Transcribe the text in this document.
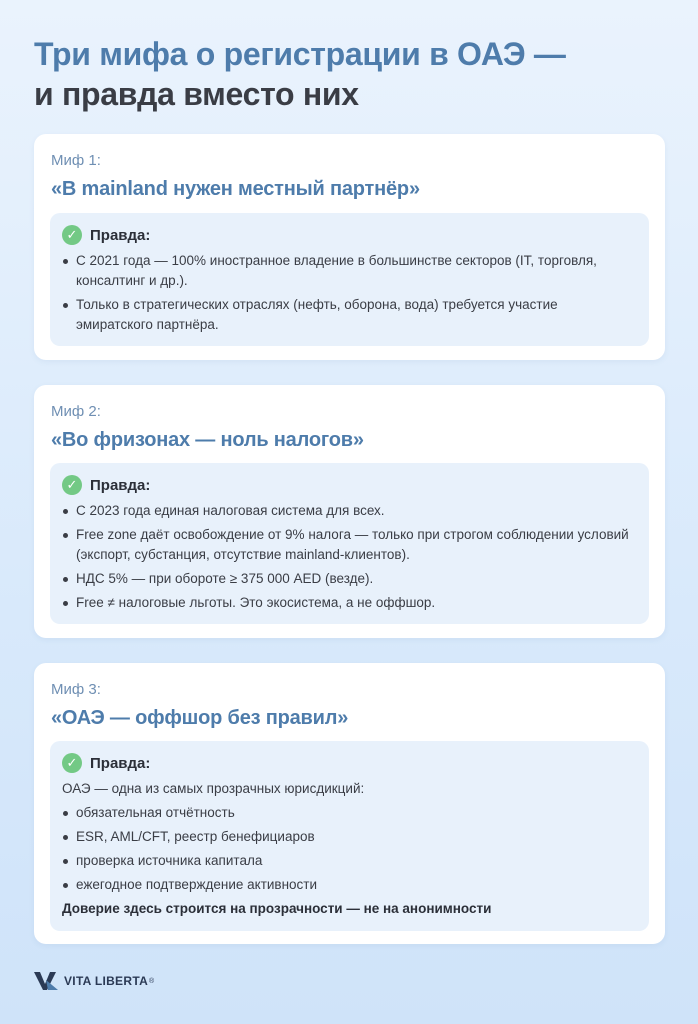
Три мифа о регистрации в ОАЭ —
и правда вместо них
Миф 1:
«В mainland нужен местный партнёр»
✓ Правда:
С 2021 года — 100% иностранное владение в большинстве секторов (IT, торговля, консалтинг и др.).
Только в стратегических отраслях (нефть, оборона, вода) требуется участие эмиратского партнёра.
Миф 2:
«Во фризонах — ноль налогов»
✓ Правда:
С 2023 года единая налоговая система для всех.
Free zone даёт освобождение от 9% налога — только при строгом соблюдении условий (экспорт, субстанция, отсутствие mainland-клиентов).
НДС 5% — при обороте ≥ 375 000 AED (везде).
Free ≠ налоговые льготы. Это экосистема, а не оффшор.
Миф 3:
«ОАЭ — оффшор без правил»
✓ Правда:
ОАЭ — одна из самых прозрачных юрисдикций:
обязательная отчётность
ESR, AML/CFT, реестр бенефициаров
проверка источника капитала
ежегодное подтверждение активности
Доверие здесь строится на прозрачности — не на анонимности
VITA LIBERTA ®
